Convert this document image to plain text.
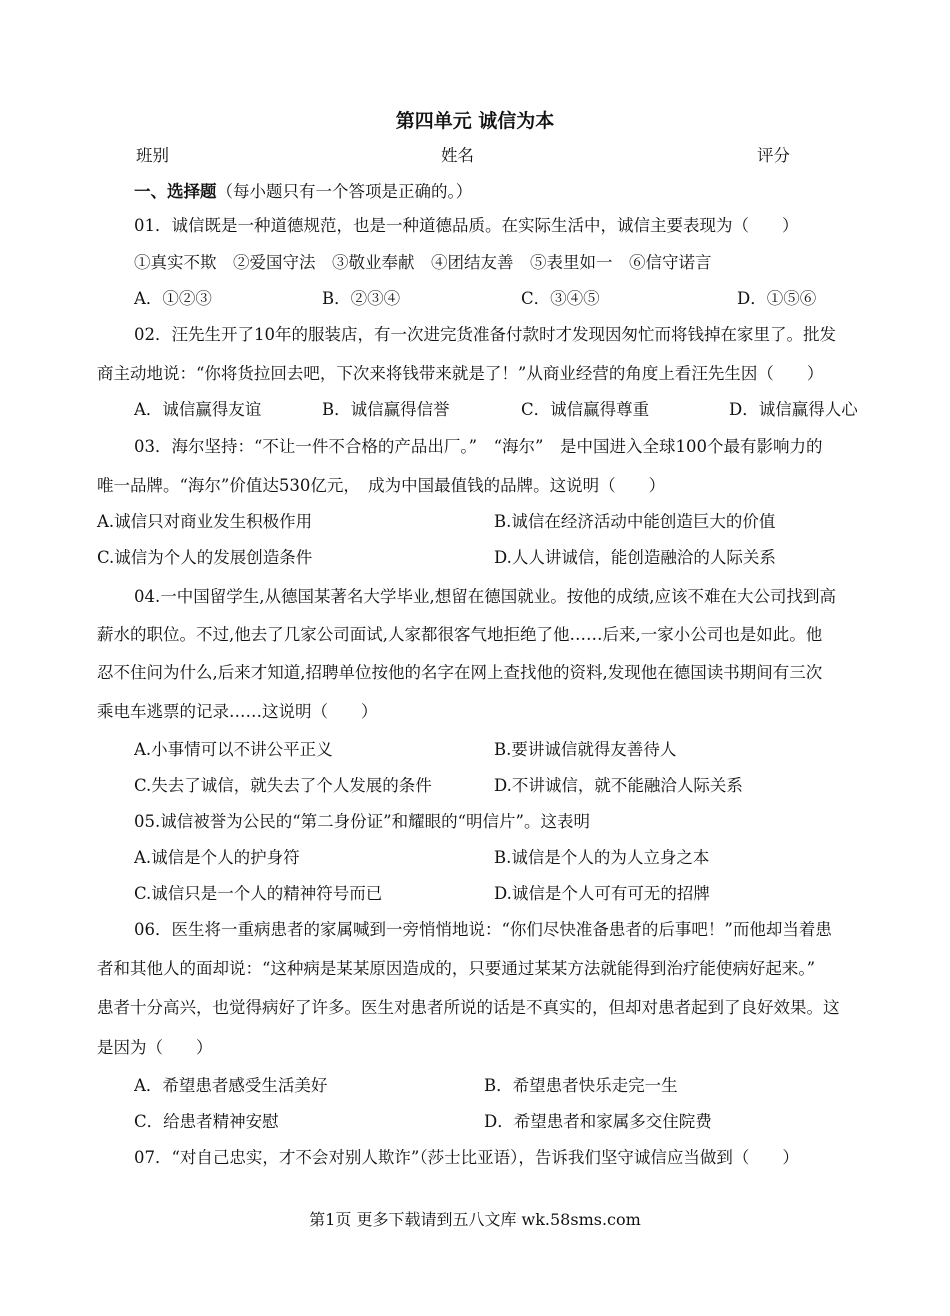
第四单元 诚信为本
班别	姓名	评分
一、选择题（每小题只有一个答项是正确的。）
01．诚信既是一种道德规范，也是一种道德品质。在实际生活中，诚信主要表现为（　　）
①真实不欺　②爱国守法　③敬业奉献　④团结友善　⑤表里如一　⑥信守诺言
A．①②③	B．②③④	C．③④⑤	D．①⑤⑥
02．汪先生开了10年的服装店，有一次进完货准备付款时才发现因匆忙而将钱掉在家里了。批发
商主动地说：“你将货拉回去吧，下次来将钱带来就是了！”从商业经营的角度上看汪先生因（　　）
A．诚信赢得友谊	B．诚信赢得信誉	C．诚信赢得尊重	D．诚信赢得人心
03．海尔坚持：“不让一件不合格的产品出厂。”　“海尔”　是中国进入全球100个最有影响力的
唯一品牌。“海尔”价值达530亿元，　成为中国最值钱的品牌。这说明（　　）
A.诚信只对商业发生积极作用	B.诚信在经济活动中能创造巨大的价值
C.诚信为个人的发展创造条件	D.人人讲诚信，能创造融洽的人际关系
04.一中国留学生,从德国某著名大学毕业,想留在德国就业。按他的成绩,应该不难在大公司找到高
薪水的职位。不过,他去了几家公司面试,人家都很客气地拒绝了他……后来,一家小公司也是如此。他
忍不住问为什么,后来才知道,招聘单位按他的名字在网上查找他的资料,发现他在德国读书期间有三次
乘电车逃票的记录……这说明（　　）
A.小事情可以不讲公平正义	B.要讲诚信就得友善待人
C.失去了诚信，就失去了个人发展的条件	D.不讲诚信，就不能融洽人际关系
05.诚信被誉为公民的“第二身份证”和耀眼的“明信片”。这表明
A.诚信是个人的护身符	B.诚信是个人的为人立身之本
C.诚信只是一个人的精神符号而已	D.诚信是个人可有可无的招牌
06．医生将一重病患者的家属喊到一旁悄悄地说：“你们尽快准备患者的后事吧！”而他却当着患
者和其他人的面却说：“这种病是某某原因造成的，只要通过某某方法就能得到治疗能使病好起来。”
患者十分高兴，也觉得病好了许多。医生对患者所说的话是不真实的，但却对患者起到了良好效果。这
是因为（　　）
A．希望患者感受生活美好	B．希望患者快乐走完一生
C．给患者精神安慰	D．希望患者和家属多交住院费
07．“对自己忠实，才不会对别人欺诈”（莎士比亚语），告诉我们坚守诚信应当做到（　　）
第1页 更多下载请到五八文库 wk.58sms.com
